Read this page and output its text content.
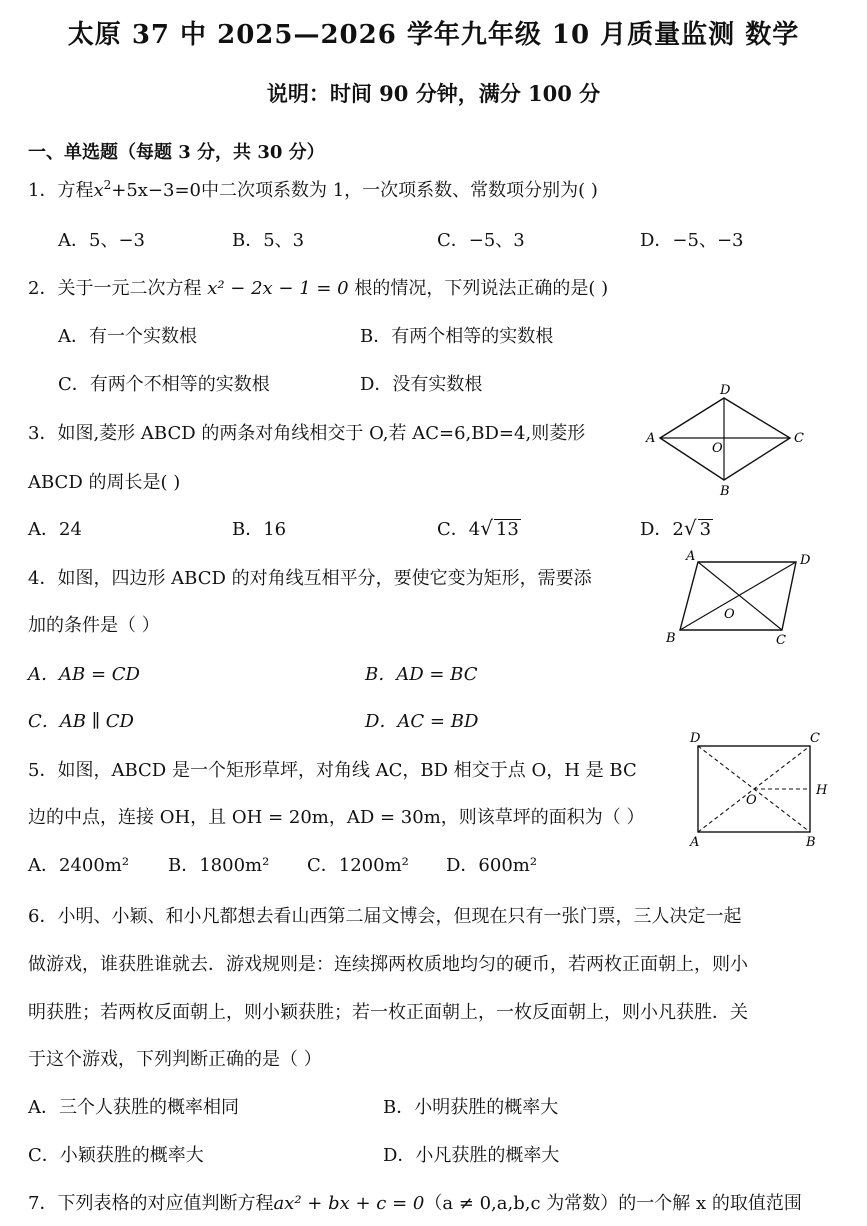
太原 37 中 2025—2026 学年九年级 10 月质量监测 数学
说明：时间 90 分钟，满分 100 分
一、单选题（每题 3 分，共 30 分）
1．方程$x^2+5x-3=0$中二次项系数为 1，一次项系数、常数项分别为( )
A．5、−3	B．5、3	C．−5、3	D．−5、−3
2．关于一元二次方程 x² − 2x − 1 = 0 根的情况，下列说法正确的是( )
A．有一个实数根	B．有两个相等的实数根
C．有两个不相等的实数根	D．没有实数根
3．如图,菱形 ABCD 的两条对角线相交于 O,若 AC=6,BD=4,则菱形
ABCD 的周长是( )
A．24	B．16	C．4√ 13	D．2√ 3
A
D
C
B
O
4．如图，四边形 ABCD 的对角线互相平分，要使它变为矩形，需要添
加的条件是（ ）
A．AB = CD	B．AD = BC
C．AB ∥ CD	D．AC = BD
A	D
B	C
O
5．如图，ABCD 是一个矩形草坪，对角线 AC，BD 相交于点 O，H 是 BC
边的中点，连接 OH，且 OH = 20m，AD = 30m，则该草坪的面积为（ ）
A．2400m² B．1800m² C．1200m² D．600m²
D	C
A	B
O
H
6．小明、小颖、和小凡都想去看山西第二届文博会，但现在只有一张门票，三人决定一起
做游戏，谁获胜谁就去．游戏规则是：连续掷两枚质地均匀的硬币，若两枚正面朝上，则小
明获胜；若两枚反面朝上，则小颖获胜；若一枚正面朝上，一枚反面朝上，则小凡获胜．关
于这个游戏，下列判断正确的是（ ）
A．三个人获胜的概率相同	B．小明获胜的概率大
C．小颖获胜的概率大	D．小凡获胜的概率大
7．下列表格的对应值判断方程ax² + bx + c = 0（a ≠ 0,a,b,c 为常数）的一个解 x 的取值范围
